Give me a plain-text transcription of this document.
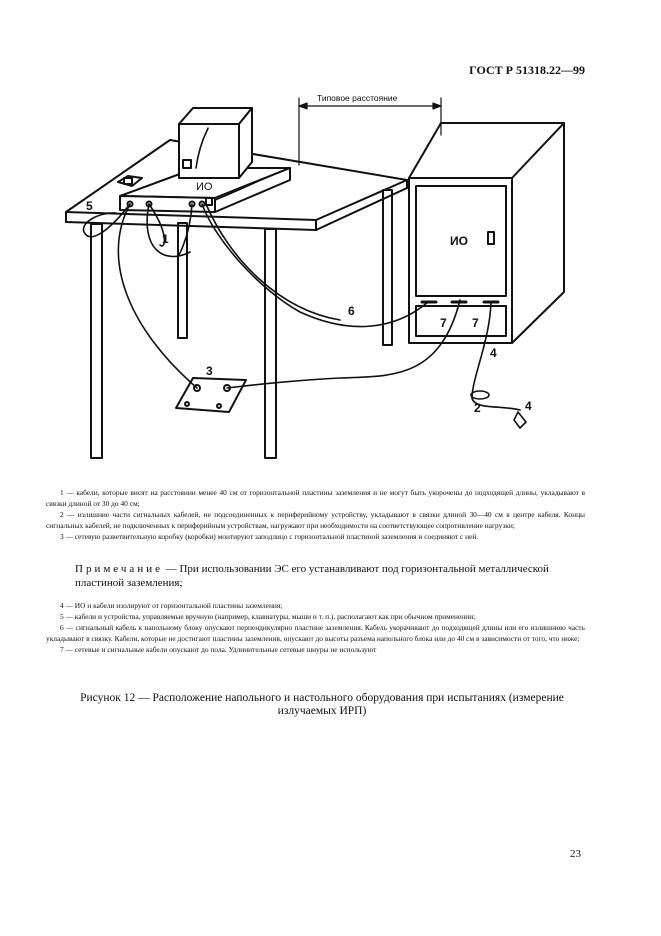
ГОСТ Р 51318.22—99
Типовое расстояние
ИО
ИО
1
2
3
4
4
5
6
7 7

1 — кабели, которые висят на расстоянии менее 40 см от горизонтальной пластины заземления и не могут быть укорочены до подходящей длины, укладывают в связки длиной от 30 до 40 см;

2 — излишние части сигнальных кабелей, не подсоединенных к периферийному устройству, укладывают в связки длиной 30—40 см в центре кабеля. Концы сигнальных кабелей, не подключенных к периферийным устройствам, нагружают при необходимости на соответствующее сопротивление нагрузки;

3 — сетевую разветвительную коробку (коробки) монтируют заподлицо с горизонтальной пластиной заземления и соединяют с ней.

Примечание — При использовании ЭС его устанавливают под горизонтальной металлической пластиной заземления;

4 — ИО и кабели изолируют от горизонтальной пластины заземления;

5 — кабели и устройства, управляемые вручную (например, клавиатуры, мыши и т. п.), располагают как при обычном применении;

6 — сигнальный кабель к напольному блоку опускают перпендикулярно пластине заземления. Кабель укорачивают до подходящей длины или его излишнюю часть укладывают в связку. Кабели, которые не достигают пластины заземления, опускают до высоты разъема напольного блока или до 40 см в зависимости от того, что ниже;

7 — сетевые и сигнальные кабели опускают до пола. Удлинительные сетевые шнуры не используют

Рисунок 12 — Расположение напольного и настольного оборудования при испытаниях (измерение излучаемых ИРП)
23
